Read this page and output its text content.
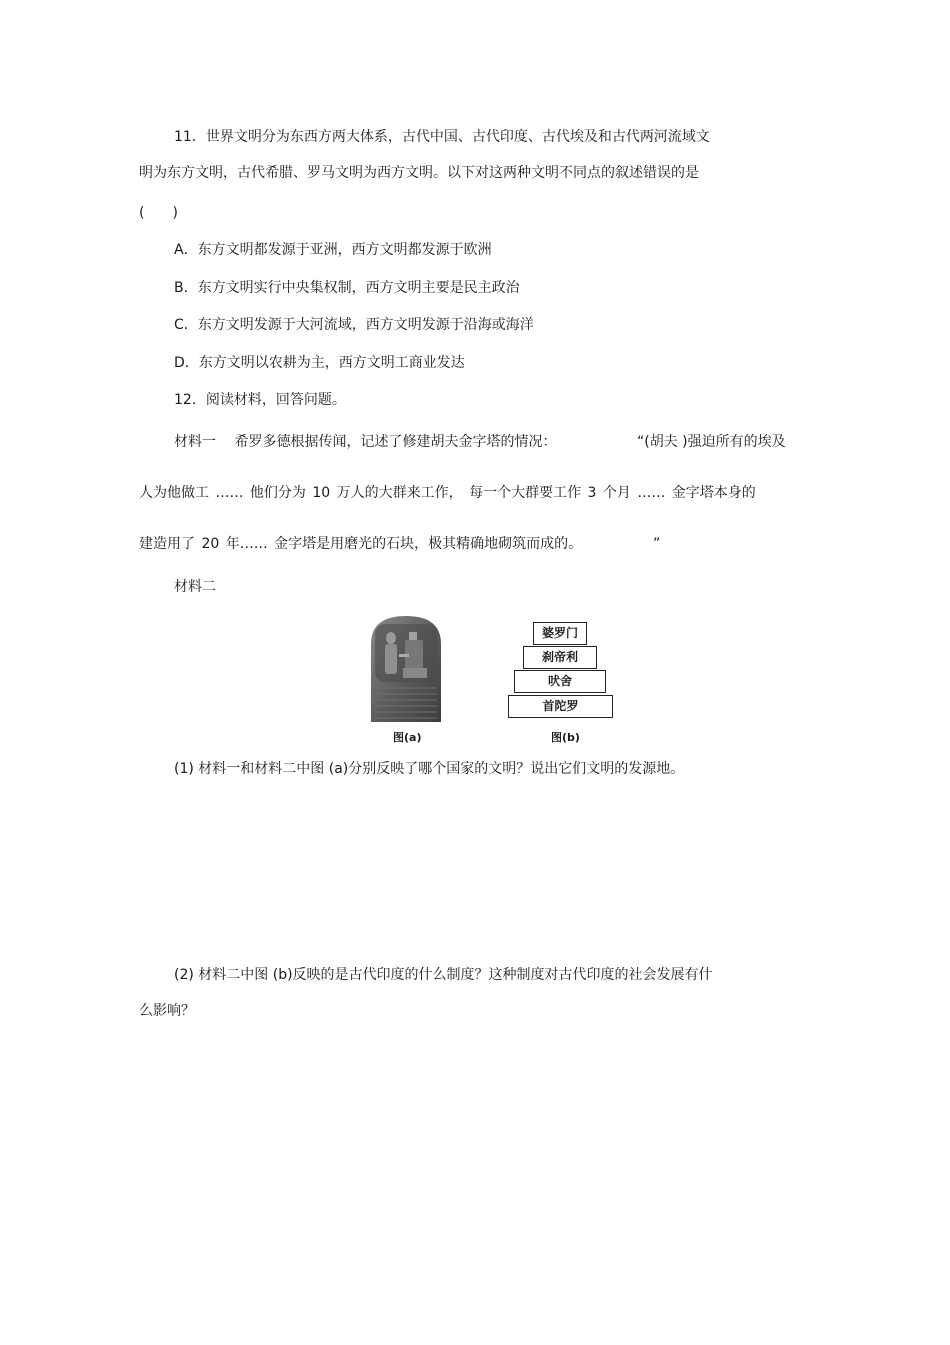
11．世界文明分为东西方两大体系，古代中国、古代印度、古代埃及和古代两河流域文
明为东方文明，古代希腊、罗马文明为西方文明。以下对这两种文明不同点的叙述错误的是
(　　)
A．东方文明都发源于亚洲，西方文明都发源于欧洲
B．东方文明实行中央集权制，西方文明主要是民主政治
C．东方文明发源于大河流域，西方文明发源于沿海或海洋
D．东方文明以农耕为主，西方文明工商业发达
12．阅读材料，回答问题。
材料一　 希罗多德根据传闻，记述了修建胡夫金字塔的情况：	“(胡夫 )强迫所有的埃及
人为他做工 …… 他们分为 10 万人的大群来工作， 每一个大群要工作 3 个月 …… 金字塔本身的
建造用了 20 年…… 金字塔是用磨光的石块，极其精确地砌筑而成的。	”
材料二
图(a)
婆罗门
刹帝利
吠舍
首陀罗
图(b)
(1) 材料一和材料二中图 (a)分别反映了哪个国家的文明？说出它们文明的发源地。
(2) 材料二中图 (b)反映的是古代印度的什么制度？这种制度对古代印度的社会发展有什
么影响？
